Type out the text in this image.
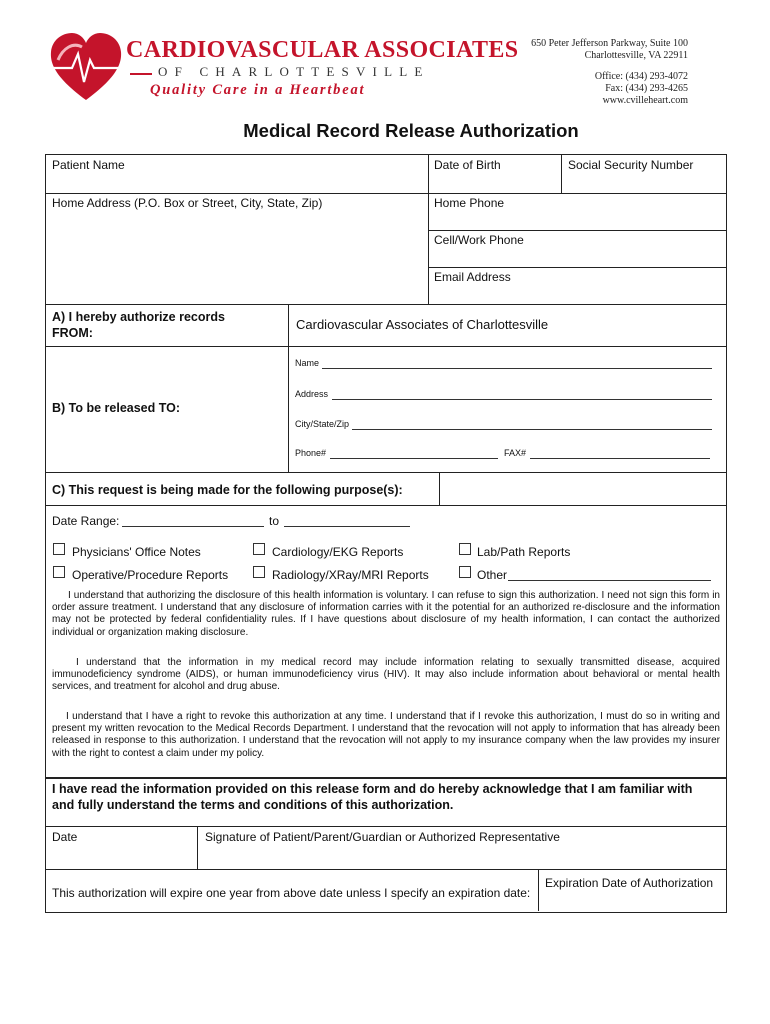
CARDIOVASCULAR ASSOCIATES
OF CHARLOTTESVILLE
Quality Care in a Heartbeat
650 Peter Jefferson Parkway, Suite 100
Charlottesville, VA 22911
Office: (434) 293-4072
Fax: (434) 293-4265
www.cvilleheart.com
Medical Record Release Authorization
Patient Name	Date of Birth	Social Security Number
Home Address (P.O. Box or Street, City, State, Zip)	Home Phone
Cell/Work Phone
Email Address
A) I hereby authorize records
FROM:
Cardiovascular Associates of Charlottesville
B) To be released TO:
Name
Address
City/State/Zip
Phone#	FAX#
C) This request is being made for the following purpose(s):
Date Range:	to
Physicians' Office Notes	Cardiology/EKG Reports	Lab/Path Reports
Operative/Procedure Reports	Radiology/XRay/MRI Reports	Other
I understand that authorizing the disclosure of this health information is voluntary. I can refuse to sign this authorization. I need not sign this form in order assure treatment. I understand that any disclosure of information carries with it the potential for an authorized re-disclosure and the information may not be protected by federal confidentiality rules. If I have questions about disclosure of my health information, I can contact the authorized individual or organization making disclosure.
I understand that the information in my medical record may include information relating to sexually transmitted disease, acquired immunodeficiency syndrome (AIDS), or human immunodeficiency virus (HIV). It may also include information about behavioral or mental health services, and treatment for alcohol and drug abuse.
I understand that I have a right to revoke this authorization at any time. I understand that if I revoke this authorization, I must do so in writing and present my written revocation to the Medical Records Department. I understand that the revocation will not apply to information that has already been released in response to this authorization. I understand that the revocation will not apply to my insurance company when the law provides my insurer with the right to contest a claim under my policy.
I have read the information provided on this release form and do hereby acknowledge that I am familiar with and fully understand the terms and conditions of this authorization.
Date	Signature of Patient/Parent/Guardian or Authorized Representative
This authorization will expire one year from above date unless I specify an expiration date:
Expiration Date of Authorization
